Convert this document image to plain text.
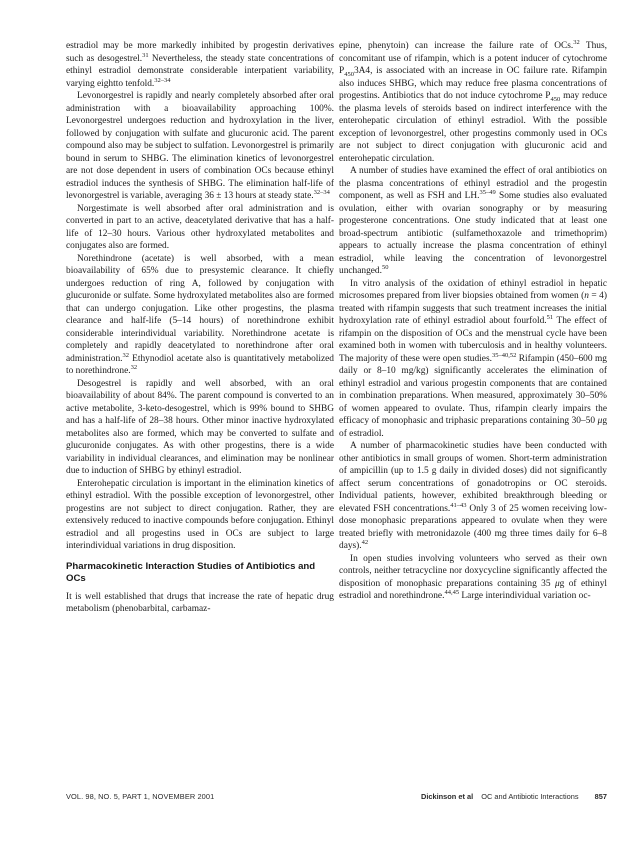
estradiol may be more markedly inhibited by progestin derivatives such as desogestrel.$^{31}$ Nevertheless, the steady state concentrations of ethinyl estradiol demonstrate considerable interpatient variability, varying eightto tenfold.$^{32-34}$

Levonorgestrel is rapidly and nearly completely absorbed after oral administration with a bioavailability approaching 100%. Levonorgestrel undergoes reduction and hydroxylation in the liver, followed by conjugation with sulfate and glucuronic acid. The parent compound also may be subject to sulfation. Levonorgestrel is primarily bound in serum to SHBG. The elimination kinetics of levonorgestrel are not dose dependent in users of combination OCs because ethinyl estradiol induces the synthesis of SHBG. The elimination half-life of levonorgestrel is variable, averaging 36 ± 13 hours at steady state.$^{32-34}$

Norgestimate is well absorbed after oral administration and is converted in part to an active, deacetylated derivative that has a half-life of 12–30 hours. Various other hydroxylated metabolites and conjugates also are formed.

Norethindrone (acetate) is well absorbed, with a mean bioavailability of 65% due to presystemic clearance. It chiefly undergoes reduction of ring A, followed by conjugation with glucuronide or sulfate. Some hydroxylated metabolites also are formed that can undergo conjugation. Like other progestins, the plasma clearance and half-life (5–14 hours) of norethindrone exhibit considerable interindividual variability. Norethindrone acetate is completely and rapidly deacetylated to norethindrone after oral administration.$^{32}$ Ethynodiol acetate also is quantitatively metabolized to norethindrone.$^{32}$

Desogestrel is rapidly and well absorbed, with an oral bioavailability of about 84%. The parent compound is converted to an active metabolite, 3-keto-desogestrel, which is 99% bound to SHBG and has a half-life of 28–38 hours. Other minor inactive hydroxylated metabolites also are formed, which may be converted to sulfate and glucuronide conjugates. As with other progestins, there is a wide variability in individual clearances, and elimination may be nonlinear due to induction of SHBG by ethinyl estradiol.

Enterohepatic circulation is important in the elimination kinetics of ethinyl estradiol. With the possible exception of levonorgestrel, other progestins are not subject to direct conjugation. Rather, they are extensively reduced to inactive compounds before conjugation. Ethinyl estradiol and all progestins used in OCs are subject to large interindividual variations in drug disposition.

Pharmacokinetic Interaction Studies of Antibiotics and OCs

It is well established that drugs that increase the rate of hepatic drug metabolism (phenobarbital, carbamaz-

epine, phenytoin) can increase the failure rate of OCs.$^{32}$ Thus, concomitant use of rifampin, which is a potent inducer of cytochrome $P_{450}3A4$, is associated with an increase in OC failure rate. Rifampin also induces SHBG, which may reduce free plasma concentrations of progestins. Antibiotics that do not induce cytochrome $P_{450}$ may reduce the plasma levels of steroids based on indirect interference with the enterohepatic circulation of ethinyl estradiol. With the possible exception of levonorgestrel, other progestins commonly used in OCs are not subject to direct conjugation with glucuronic acid and enterohepatic circulation.

A number of studies have examined the effect of oral antibiotics on the plasma concentrations of ethinyl estradiol and the progestin component, as well as FSH and LH.$^{35-49}$ Some studies also evaluated ovulation, either with ovarian sonography or by measuring progesterone concentrations. One study indicated that at least one broad-spectrum antibiotic (sulfamethoxazole and trimethoprim) appears to actually increase the plasma concentration of ethinyl estradiol, while leaving the concentration of levonorgestrel unchanged.$^{50}$

In vitro analysis of the oxidation of ethinyl estradiol in hepatic microsomes prepared from liver biopsies obtained from women (n = 4) treated with rifampin suggests that such treatment increases the initial hydroxylation rate of ethinyl estradiol about fourfold.$^{51}$ The effect of rifampin on the disposition of OCs and the menstrual cycle have been examined both in women with tuberculosis and in healthy volunteers. The majority of these were open studies.$^{35-40,52}$ Rifampin (450–600 mg daily or 8–10 mg/kg) significantly accelerates the elimination of ethinyl estradiol and various progestin components that are contained in combination preparations. When measured, approximately 30–50% of women appeared to ovulate. Thus, rifampin clearly impairs the efficacy of monophasic and triphasic preparations containing 30–50 μg of estradiol.

A number of pharmacokinetic studies have been conducted with other antibiotics in small groups of women. Short-term administration of ampicillin (up to 1.5 g daily in divided doses) did not significantly affect serum concentrations of gonadotropins or OC steroids. Individual patients, however, exhibited breakthrough bleeding or elevated FSH concentrations.$^{41-43}$ Only 3 of 25 women receiving low-dose monophasic preparations appeared to ovulate when they were treated briefly with metronidazole (400 mg three times daily for 6–8 days).$^{42}$

In open studies involving volunteers who served as their own controls, neither tetracycline nor doxycycline significantly affected the disposition of monophasic preparations containing 35 μg of ethinyl estradiol and norethindrone.$^{44,45}$ Large interindividual variation oc-

VOL. 98, NO. 5, PART 1, NOVEMBER 2001	Dickinson et al OC and Antibiotic Interactions 857
